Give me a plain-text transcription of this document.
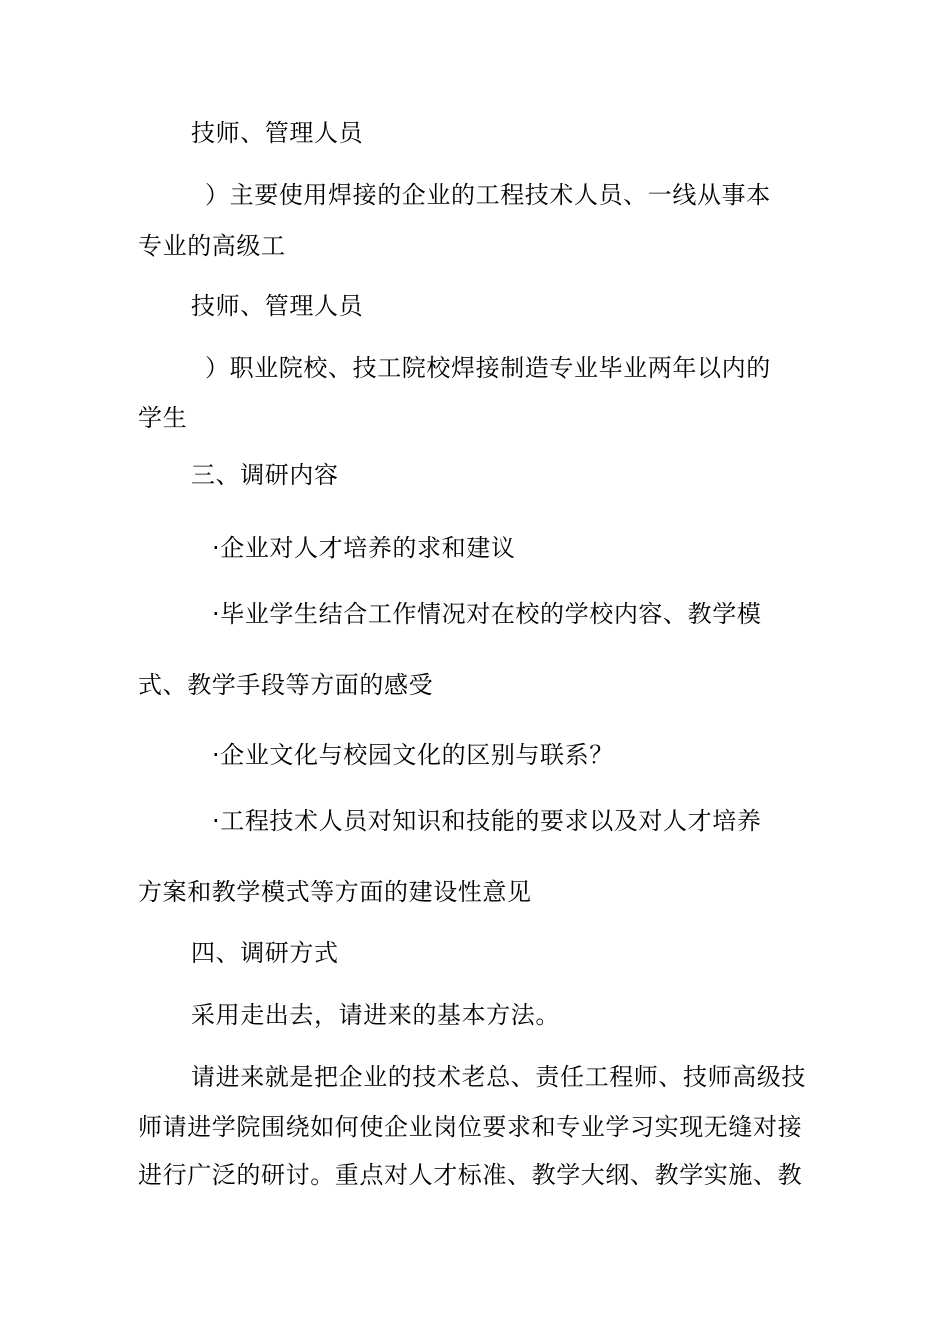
技师、管理人员
）主要使用焊接的企业的工程技术人员、一线从事本
专业的高级工
技师、管理人员
）职业院校、技工院校焊接制造专业毕业两年以内的
学生
三、调研内容
·企业对人才培养的求和建议
·毕业学生结合工作情况对在校的学校内容、教学模
式、教学手段等方面的感受
·企业文化与校园文化的区别与联系？
·工程技术人员对知识和技能的要求以及对人才培养
方案和教学模式等方面的建设性意见
四、调研方式
采用走出去，请进来的基本方法。
请进来就是把企业的技术老总、责任工程师、技师高级技
师请进学院围绕如何使企业岗位要求和专业学习实现无缝对接
进行广泛的研讨。重点对人才标准、教学大纲、教学实施、教
